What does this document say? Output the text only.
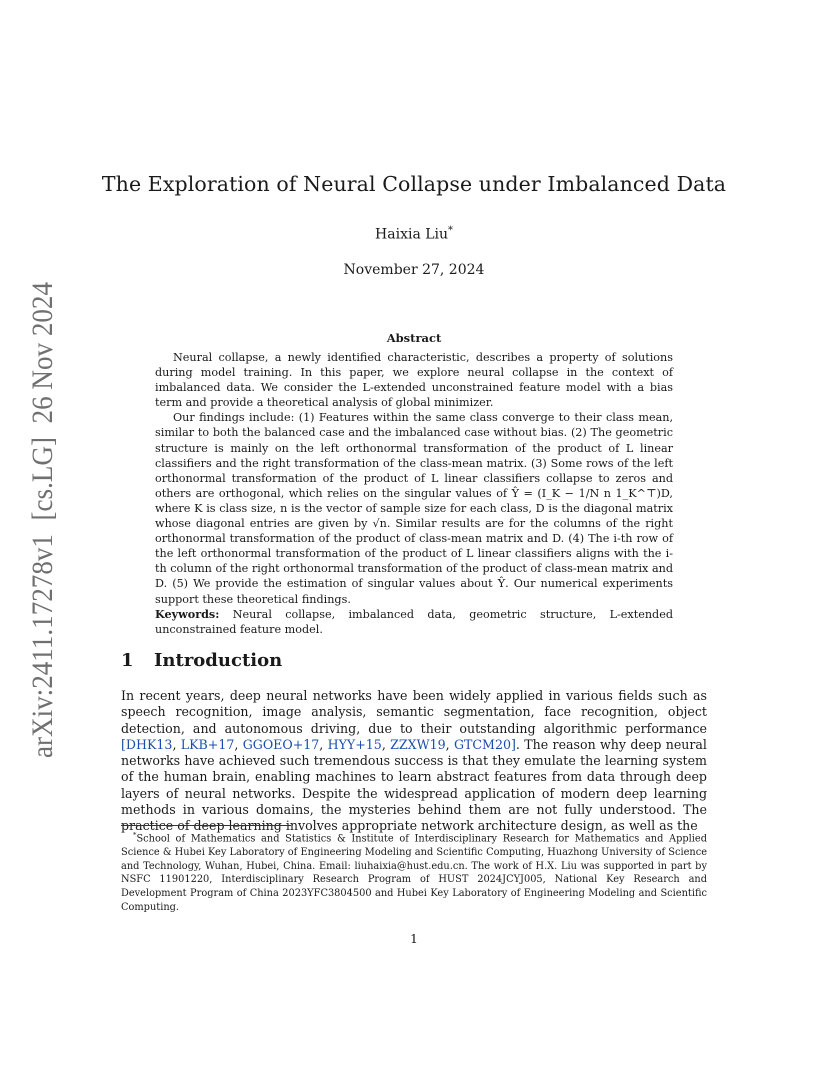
arXiv:2411.17278v1  [cs.LG]  26 Nov 2024
The Exploration of Neural Collapse under Imbalanced Data
Haixia Liu*
November 27, 2024
Abstract

Neural collapse, a newly identified characteristic, describes a property of solutions during model training. In this paper, we explore neural collapse in the context of imbalanced data. We consider the L-extended unconstrained feature model with a bias term and provide a theoretical analysis of global minimizer.

Our findings include: (1) Features within the same class converge to their class mean, similar to both the balanced case and the imbalanced case without bias. (2) The geometric structure is mainly on the left orthonormal transformation of the product of L linear classifiers and the right transformation of the class-mean matrix. (3) Some rows of the left orthonormal transformation of the product of L linear classifiers collapse to zeros and others are orthogonal, which relies on the singular values of Ŷ = (I_K − 1/N n 1_K^⊤)D, where K is class size, n is the vector of sample size for each class, D is the diagonal matrix whose diagonal entries are given by √n. Similar results are for the columns of the right orthonormal transformation of the product of class-mean matrix and D. (4) The i-th row of the left orthonormal transformation of the product of L linear classifiers aligns with the i-th column of the right orthonormal transformation of the product of class-mean matrix and D. (5) We provide the estimation of singular values about Ŷ. Our numerical experiments support these theoretical findings.

Keywords: Neural collapse, imbalanced data, geometric structure, L-extended unconstrained feature model.

1 Introduction

In recent years, deep neural networks have been widely applied in various fields such as speech recognition, image analysis, semantic segmentation, face recognition, object detection, and autonomous driving, due to their outstanding algorithmic performance [DHK13, LKB+17, GGOEO+17, HYY+15, ZZXW19, GTCM20]. The reason why deep neural networks have achieved such tremendous success is that they emulate the learning system of the human brain, enabling machines to learn abstract features from data through deep layers of neural networks. Despite the widespread application of modern deep learning methods in various domains, the mysteries behind them are not fully understood. The practice of deep learning involves appropriate network architecture design, as well as the

*School of Mathematics and Statistics & Institute of Interdisciplinary Research for Mathematics and Applied Science & Hubei Key Laboratory of Engineering Modeling and Scientific Computing, Huazhong University of Science and Technology, Wuhan, Hubei, China. Email: liuhaixia@hust.edu.cn. The work of H.X. Liu was supported in part by NSFC 11901220, Interdisciplinary Research Program of HUST 2024JCYJ005, National Key Research and Development Program of China 2023YFC3804500 and Hubei Key Laboratory of Engineering Modeling and Scientific Computing.

1
